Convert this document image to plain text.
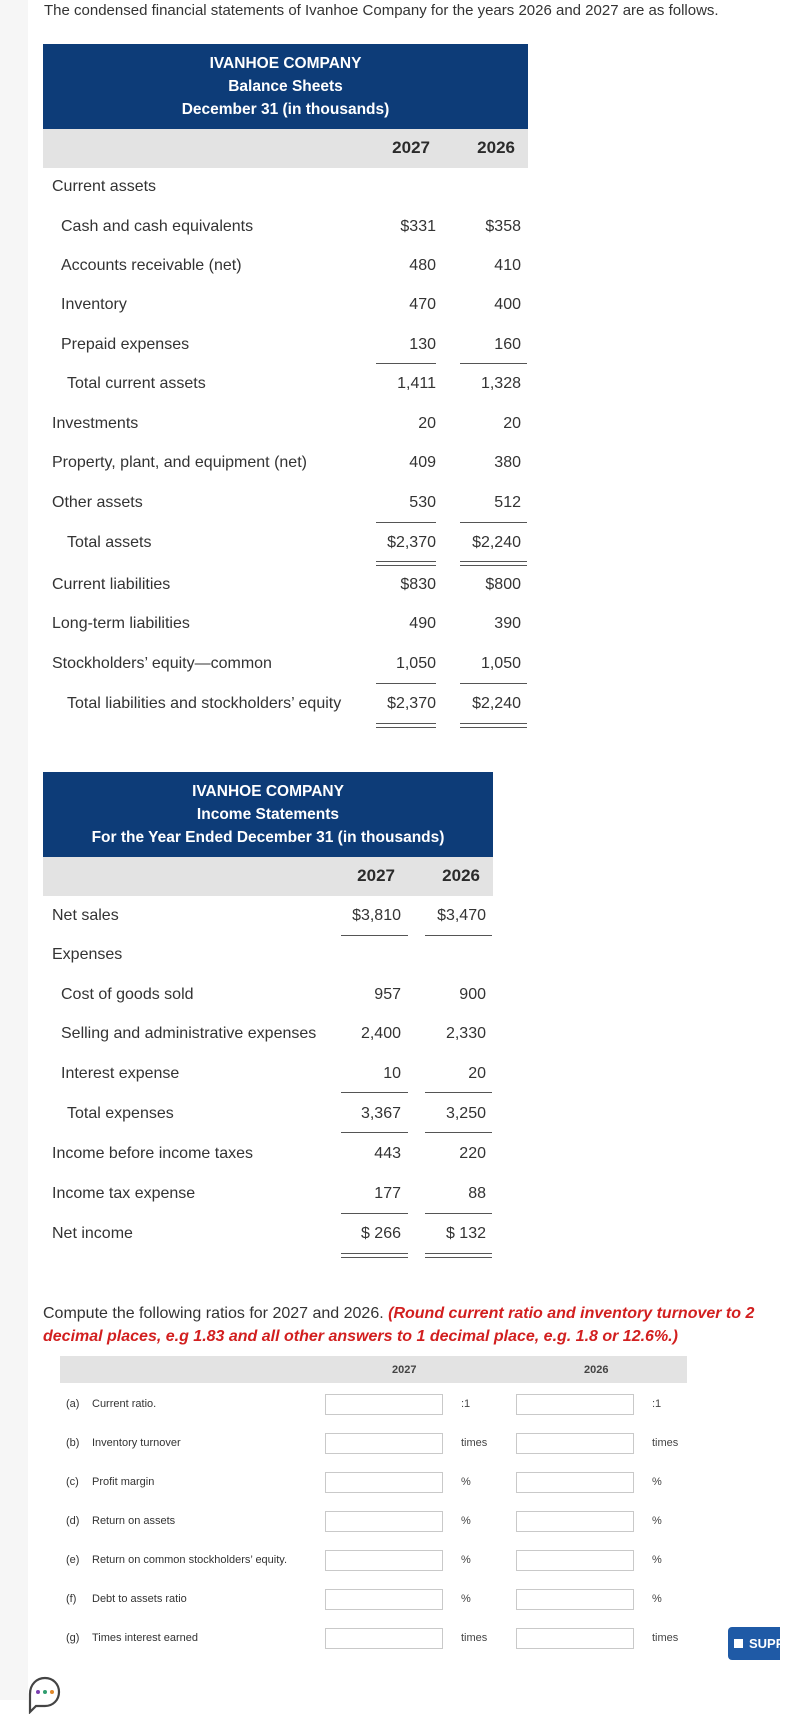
The condensed financial statements of Ivanhoe Company for the years 2026 and 2027 are as follows.
IVANHOE COMPANY
Balance Sheets
December 31 (in thousands)
2027	2026
Current assets
Cash and cash equivalents	$331	$358
Accounts receivable (net)	480	410
Inventory	470	400
Prepaid expenses	130	160
Total current assets	1,411	1,328
Investments	20	20
Property, plant, and equipment (net)	409	380
Other assets	530	512
Total assets	$2,370	$2,240
Current liabilities	$830	$800
Long-term liabilities	490	390
Stockholders’ equity—common	1,050	1,050
Total liabilities and stockholders’ equity	$2,370	$2,240
IVANHOE COMPANY
Income Statements
For the Year Ended December 31 (in thousands)
2027	2026
Net sales	$3,810	$3,470
Expenses
Cost of goods sold	957	900
Selling and administrative expenses	2,400	2,330
Interest expense	10	20
Total expenses	3,367	3,250
Income before income taxes	443	220
Income tax expense	177	88
Net income	$ 266	$ 132
Compute the following ratios for 2027 and 2026. (Round current ratio and inventory turnover to 2 decimal places, e.g 1.83 and all other answers to 1 decimal place, e.g. 1.8 or 12.6%.)
2027	2026
(a) Current ratio.	:1	:1
(b) Inventory turnover	times	times
(c) Profit margin	%	%
(d) Return on assets	%	%
(e) Return on common stockholders’ equity.	%	%
(f) Debt to assets ratio	%	%
(g) Times interest earned	times	times	SUPPORT
